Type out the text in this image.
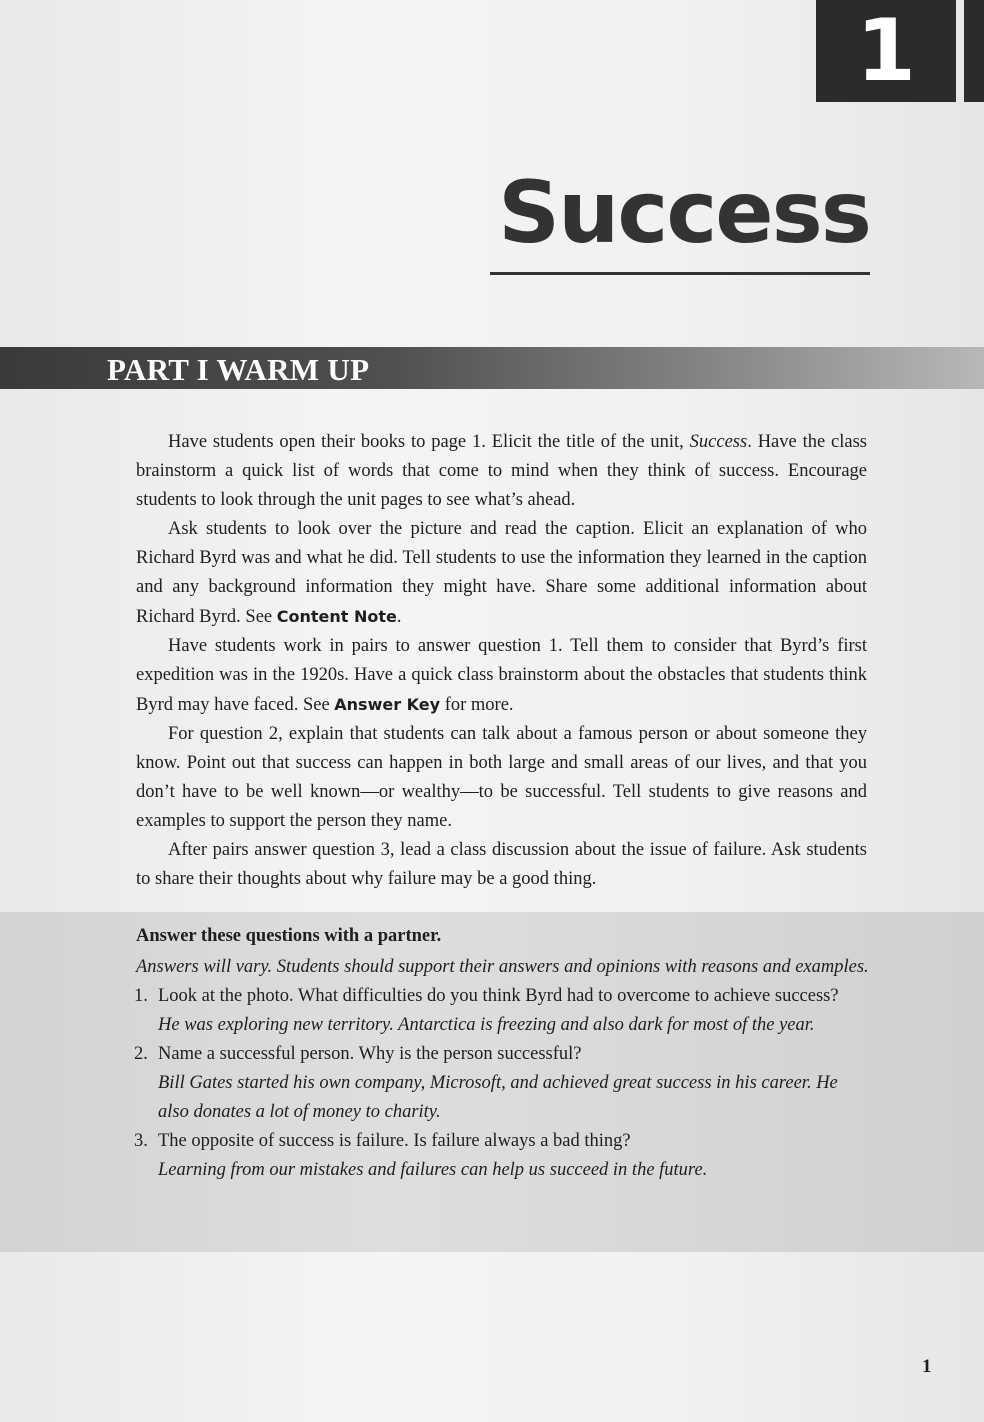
1
Success
PART I WARM UP

Have students open their books to page 1. Elicit the title of the unit, Success. Have the class brainstorm a quick list of words that come to mind when they think of success. Encourage students to look through the unit pages to see what’s ahead.

Ask students to look over the picture and read the caption. Elicit an explanation of who Richard Byrd was and what he did. Tell students to use the information they learned in the caption and any background information they might have. Share some additional information about Richard Byrd. See Content Note.

Have students work in pairs to answer question 1. Tell them to consider that Byrd’s first expedition was in the 1920s. Have a quick class brainstorm about the obstacles that students think Byrd may have faced. See Answer Key for more.

For question 2, explain that students can talk about a famous person or about someone they know. Point out that success can happen in both large and small areas of our lives, and that you don’t have to be well known—or wealthy—to be successful. Tell students to give reasons and examples to support the person they name.

After pairs answer question 3, lead a class discussion about the issue of failure. Ask students to share their thoughts about why failure may be a good thing.

Answer these questions with a partner.

Answers will vary. Students should support their answers and opinions with reasons and examples.

1. Look at the photo. What difficulties do you think Byrd had to overcome to achieve success?
He was exploring new territory. Antarctica is freezing and also dark for most of the year.
2. Name a successful person. Why is the person successful?
Bill Gates started his own company, Microsoft, and achieved great success in his career. He also donates a lot of money to charity.
3. The opposite of success is failure. Is failure always a bad thing?
Learning from our mistakes and failures can help us succeed in the future.
1
